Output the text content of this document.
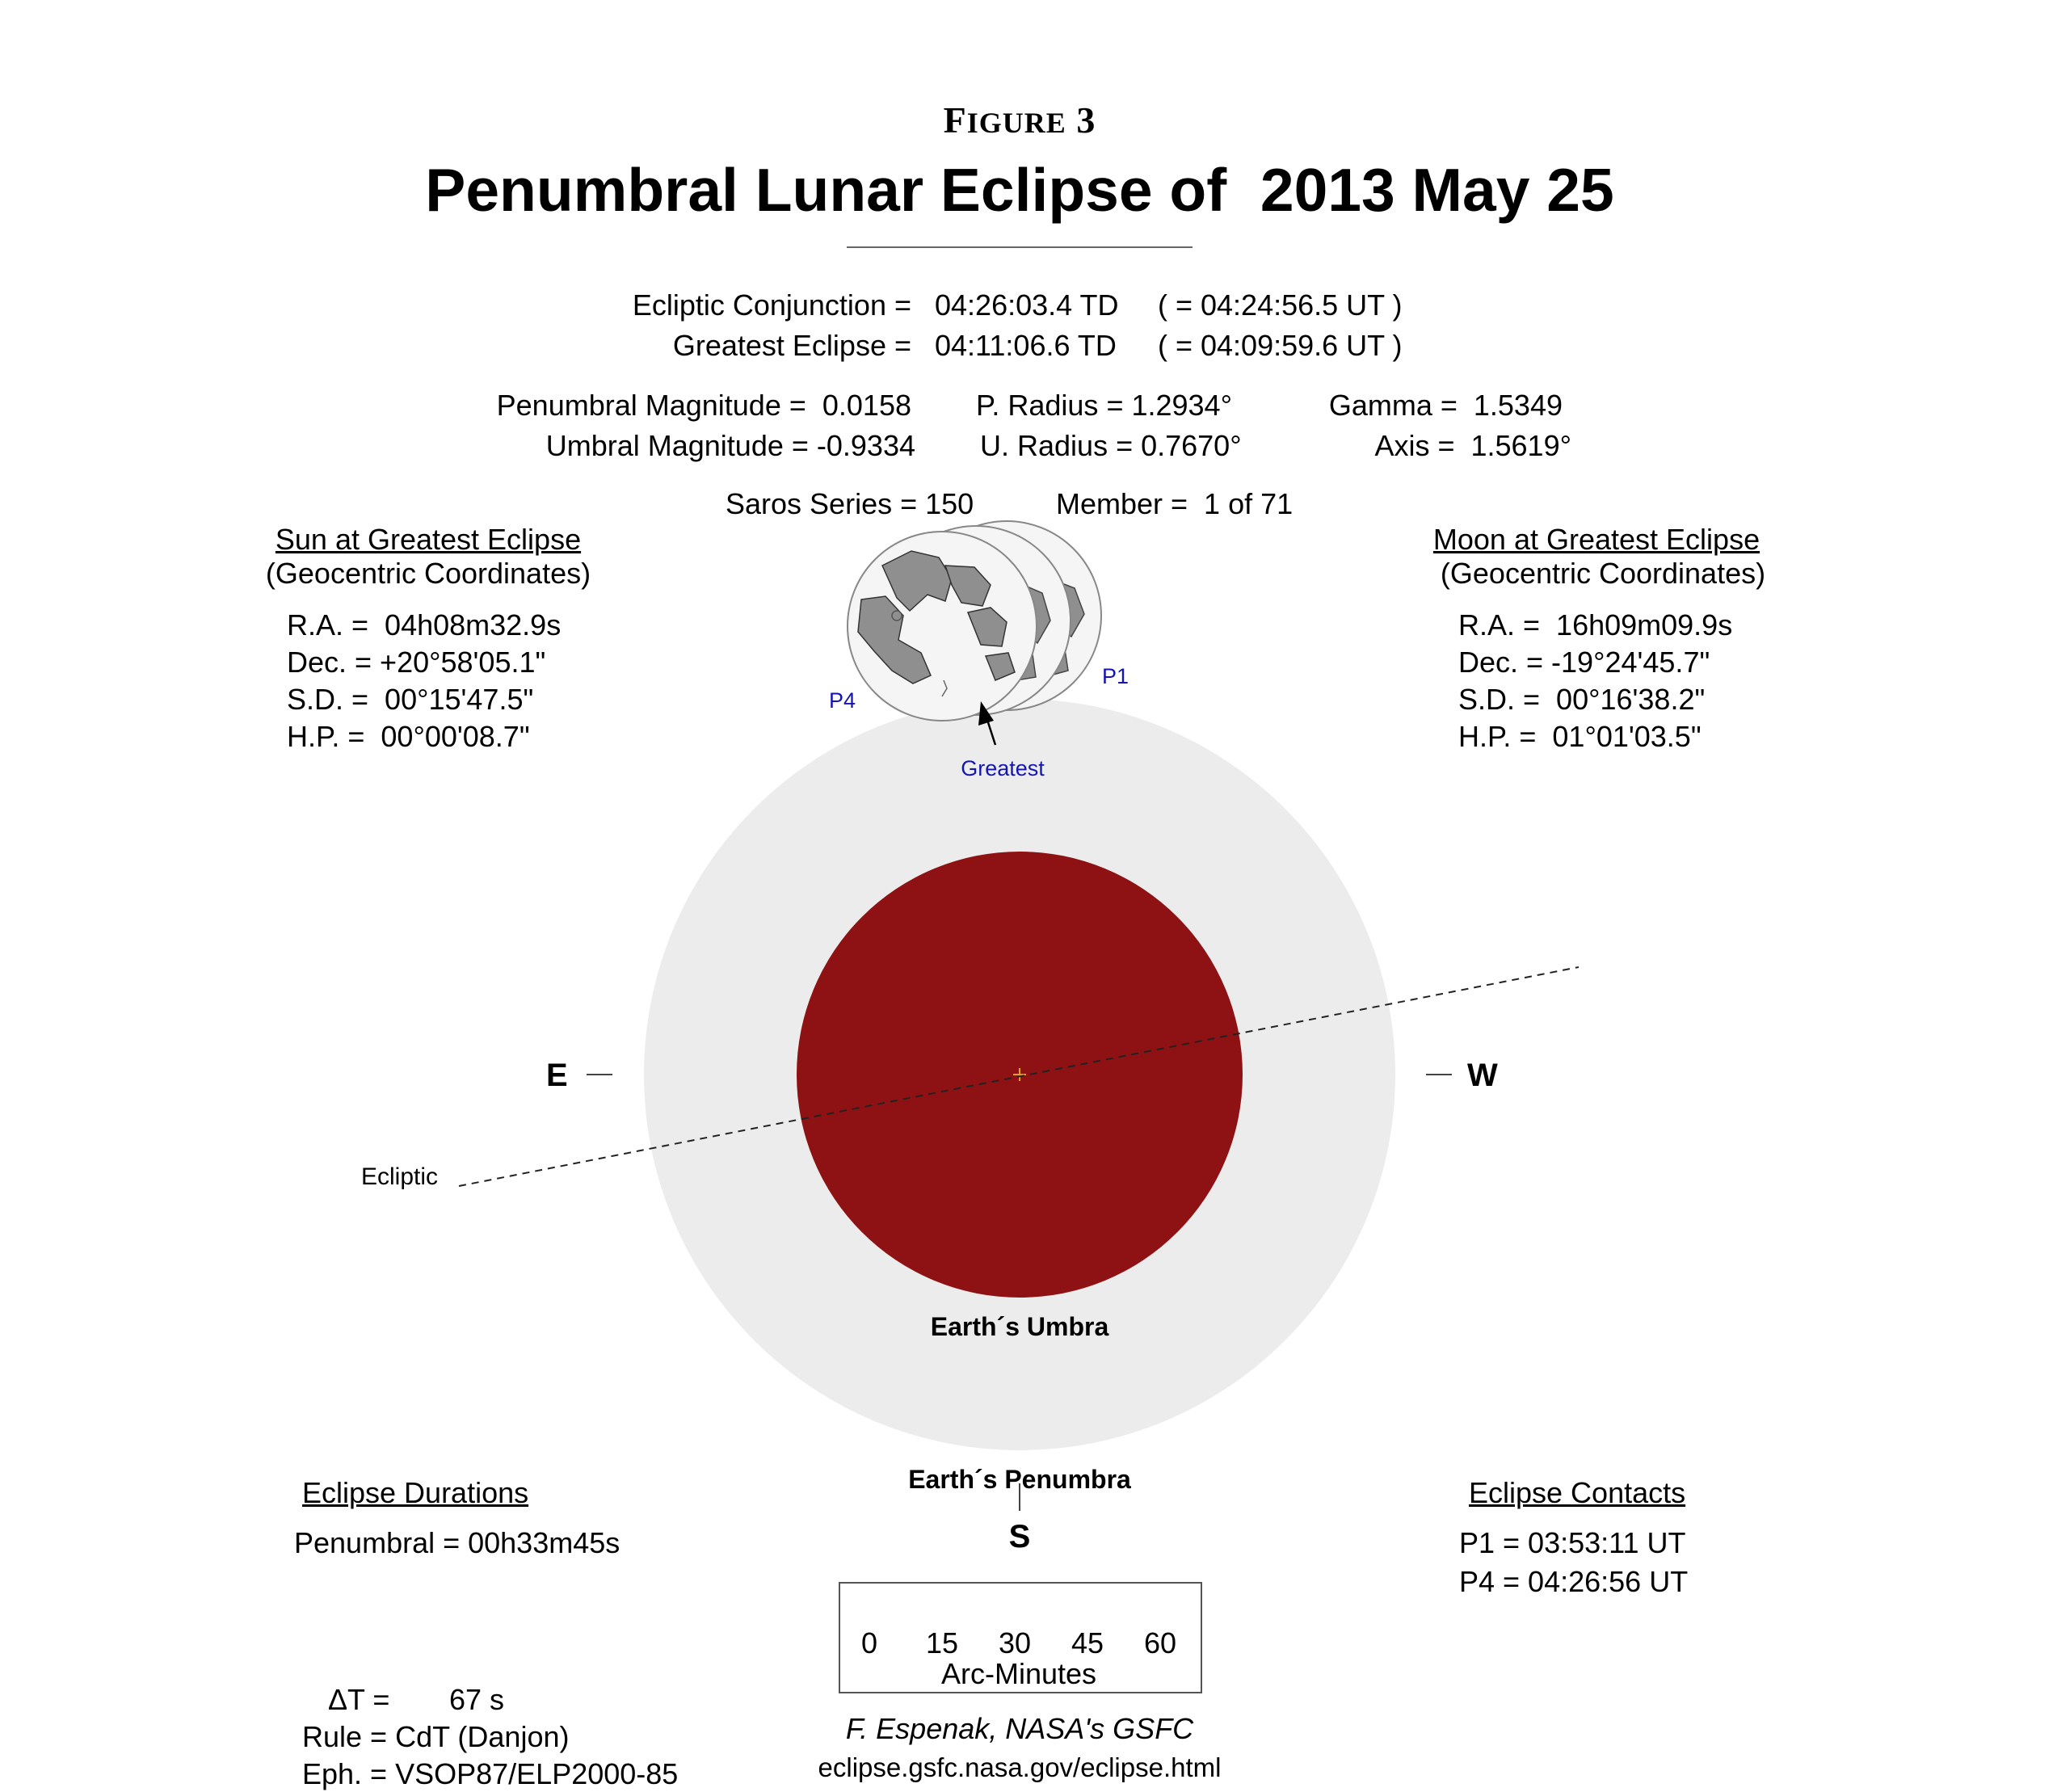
FIGURE 3
Penumbral Lunar Eclipse of  2013 May 25
Ecliptic Conjunction = 04:26:03.4 TD ( = 04:24:56.5 UT )
Greatest Eclipse = 04:11:06.6 TD ( = 04:09:59.6 UT )
Penumbral Magnitude =  0.0158
Umbral Magnitude = -0.9334
P. Radius = 1.2934°
U. Radius = 0.7670°
Gamma =  1.5349
Axis =  1.5619°
Saros Series = 150	Member =  1 of 71
Sun at Greatest Eclipse
(Geocentric Coordinates)
R.A. =  04h08m32.9s
Dec. = +20°58'05.1"
S.D. =  00°15'47.5"
H.P. =  00°00'08.7"
Moon at Greatest Eclipse
(Geocentric Coordinates)
R.A. =  16h09m09.9s
Dec. = -19°24'45.7"
S.D. =  00°16'38.2"
H.P. =  01°01'03.5"
P4
P1
Greatest
E	W
S
Ecliptic
Earth´s Umbra
Earth´s Penumbra
Eclipse Durations
Penumbral = 00h33m45s
Eclipse Contacts
P1 = 03:53:11 UT
P4 = 04:26:56 UT
0 15 30 45 60
Arc-Minutes
ΔT = 67 s
Rule = CdT (Danjon)
Eph. = VSOP87/ELP2000-85
F. Espenak, NASA's GSFC
eclipse.gsfc.nasa.gov/eclipse.html
